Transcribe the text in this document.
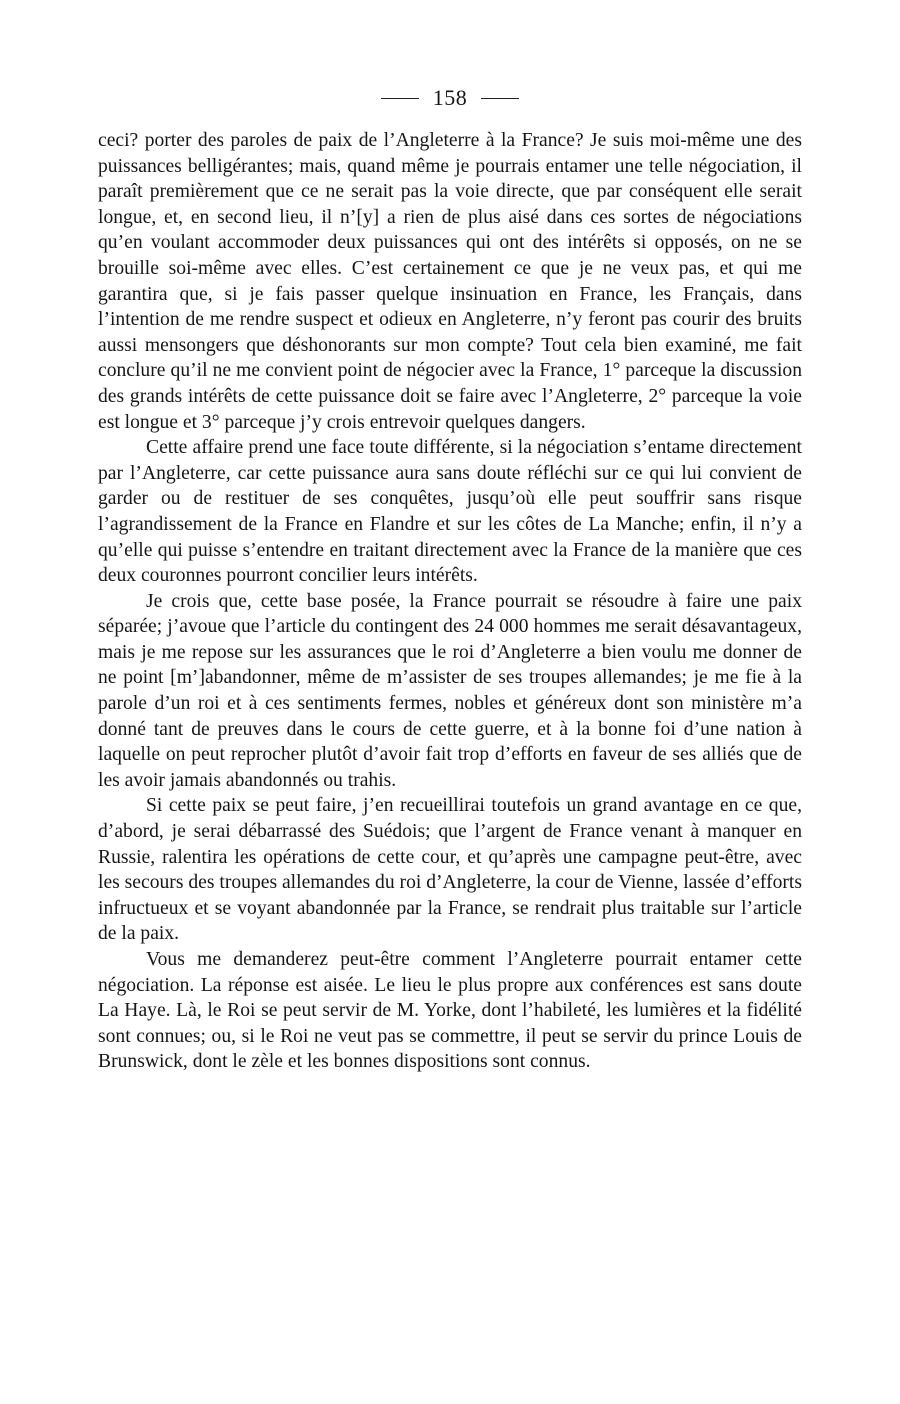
158

ceci? porter des paroles de paix de l’Angleterre à la France? Je suis moi-même une des puissances belligérantes; mais, quand même je pourrais entamer une telle négociation, il paraît premièrement que ce ne serait pas la voie directe, que par conséquent elle serait longue, et, en second lieu, il n’[y] a rien de plus aisé dans ces sortes de négociations qu’en voulant accommoder deux puissances qui ont des intérêts si opposés, on ne se brouille soi-même avec elles. C’est certainement ce que je ne veux pas, et qui me garantira que, si je fais passer quelque insinuation en France, les Français, dans l’intention de me rendre suspect et odieux en Angleterre, n’y feront pas courir des bruits aussi mensongers que déshonorants sur mon compte? Tout cela bien examiné, me fait conclure qu’il ne me convient point de négocier avec la France, 1° parceque la discussion des grands intérêts de cette puissance doit se faire avec l’Angleterre, 2° parceque la voie est longue et 3° parceque j’y crois entrevoir quelques dangers.

Cette affaire prend une face toute différente, si la négociation s’entame directement par l’Angleterre, car cette puissance aura sans doute réfléchi sur ce qui lui convient de garder ou de restituer de ses conquêtes, jusqu’où elle peut souffrir sans risque l’agrandissement de la France en Flandre et sur les côtes de La Manche; enfin, il n’y a qu’elle qui puisse s’entendre en traitant directement avec la France de la manière que ces deux couronnes pourront concilier leurs intérêts.

Je crois que, cette base posée, la France pourrait se résoudre à faire une paix séparée; j’avoue que l’article du contingent des 24 000 hommes me serait désavantageux, mais je me repose sur les assurances que le roi d’Angleterre a bien voulu me donner de ne point [m’]abandonner, même de m’assister de ses troupes allemandes; je me fie à la parole d’un roi et à ces sentiments fermes, nobles et généreux dont son ministère m’a donné tant de preuves dans le cours de cette guerre, et à la bonne foi d’une nation à laquelle on peut reprocher plutôt d’avoir fait trop d’efforts en faveur de ses alliés que de les avoir jamais abandonnés ou trahis.

Si cette paix se peut faire, j’en recueillirai toutefois un grand avantage en ce que, d’abord, je serai débarrassé des Suédois; que l’argent de France venant à manquer en Russie, ralentira les opérations de cette cour, et qu’après une campagne peut-être, avec les secours des troupes allemandes du roi d’Angleterre, la cour de Vienne, lassée d’efforts infructueux et se voyant abandonnée par la France, se rendrait plus traitable sur l’article de la paix.

Vous me demanderez peut-être comment l’Angleterre pourrait entamer cette négociation. La réponse est aisée. Le lieu le plus propre aux conférences est sans doute La Haye. Là, le Roi se peut servir de M. Yorke, dont l’habileté, les lumières et la fidélité sont connues; ou, si le Roi ne veut pas se commettre, il peut se servir du prince Louis de Brunswick, dont le zèle et les bonnes dispositions sont connus.
